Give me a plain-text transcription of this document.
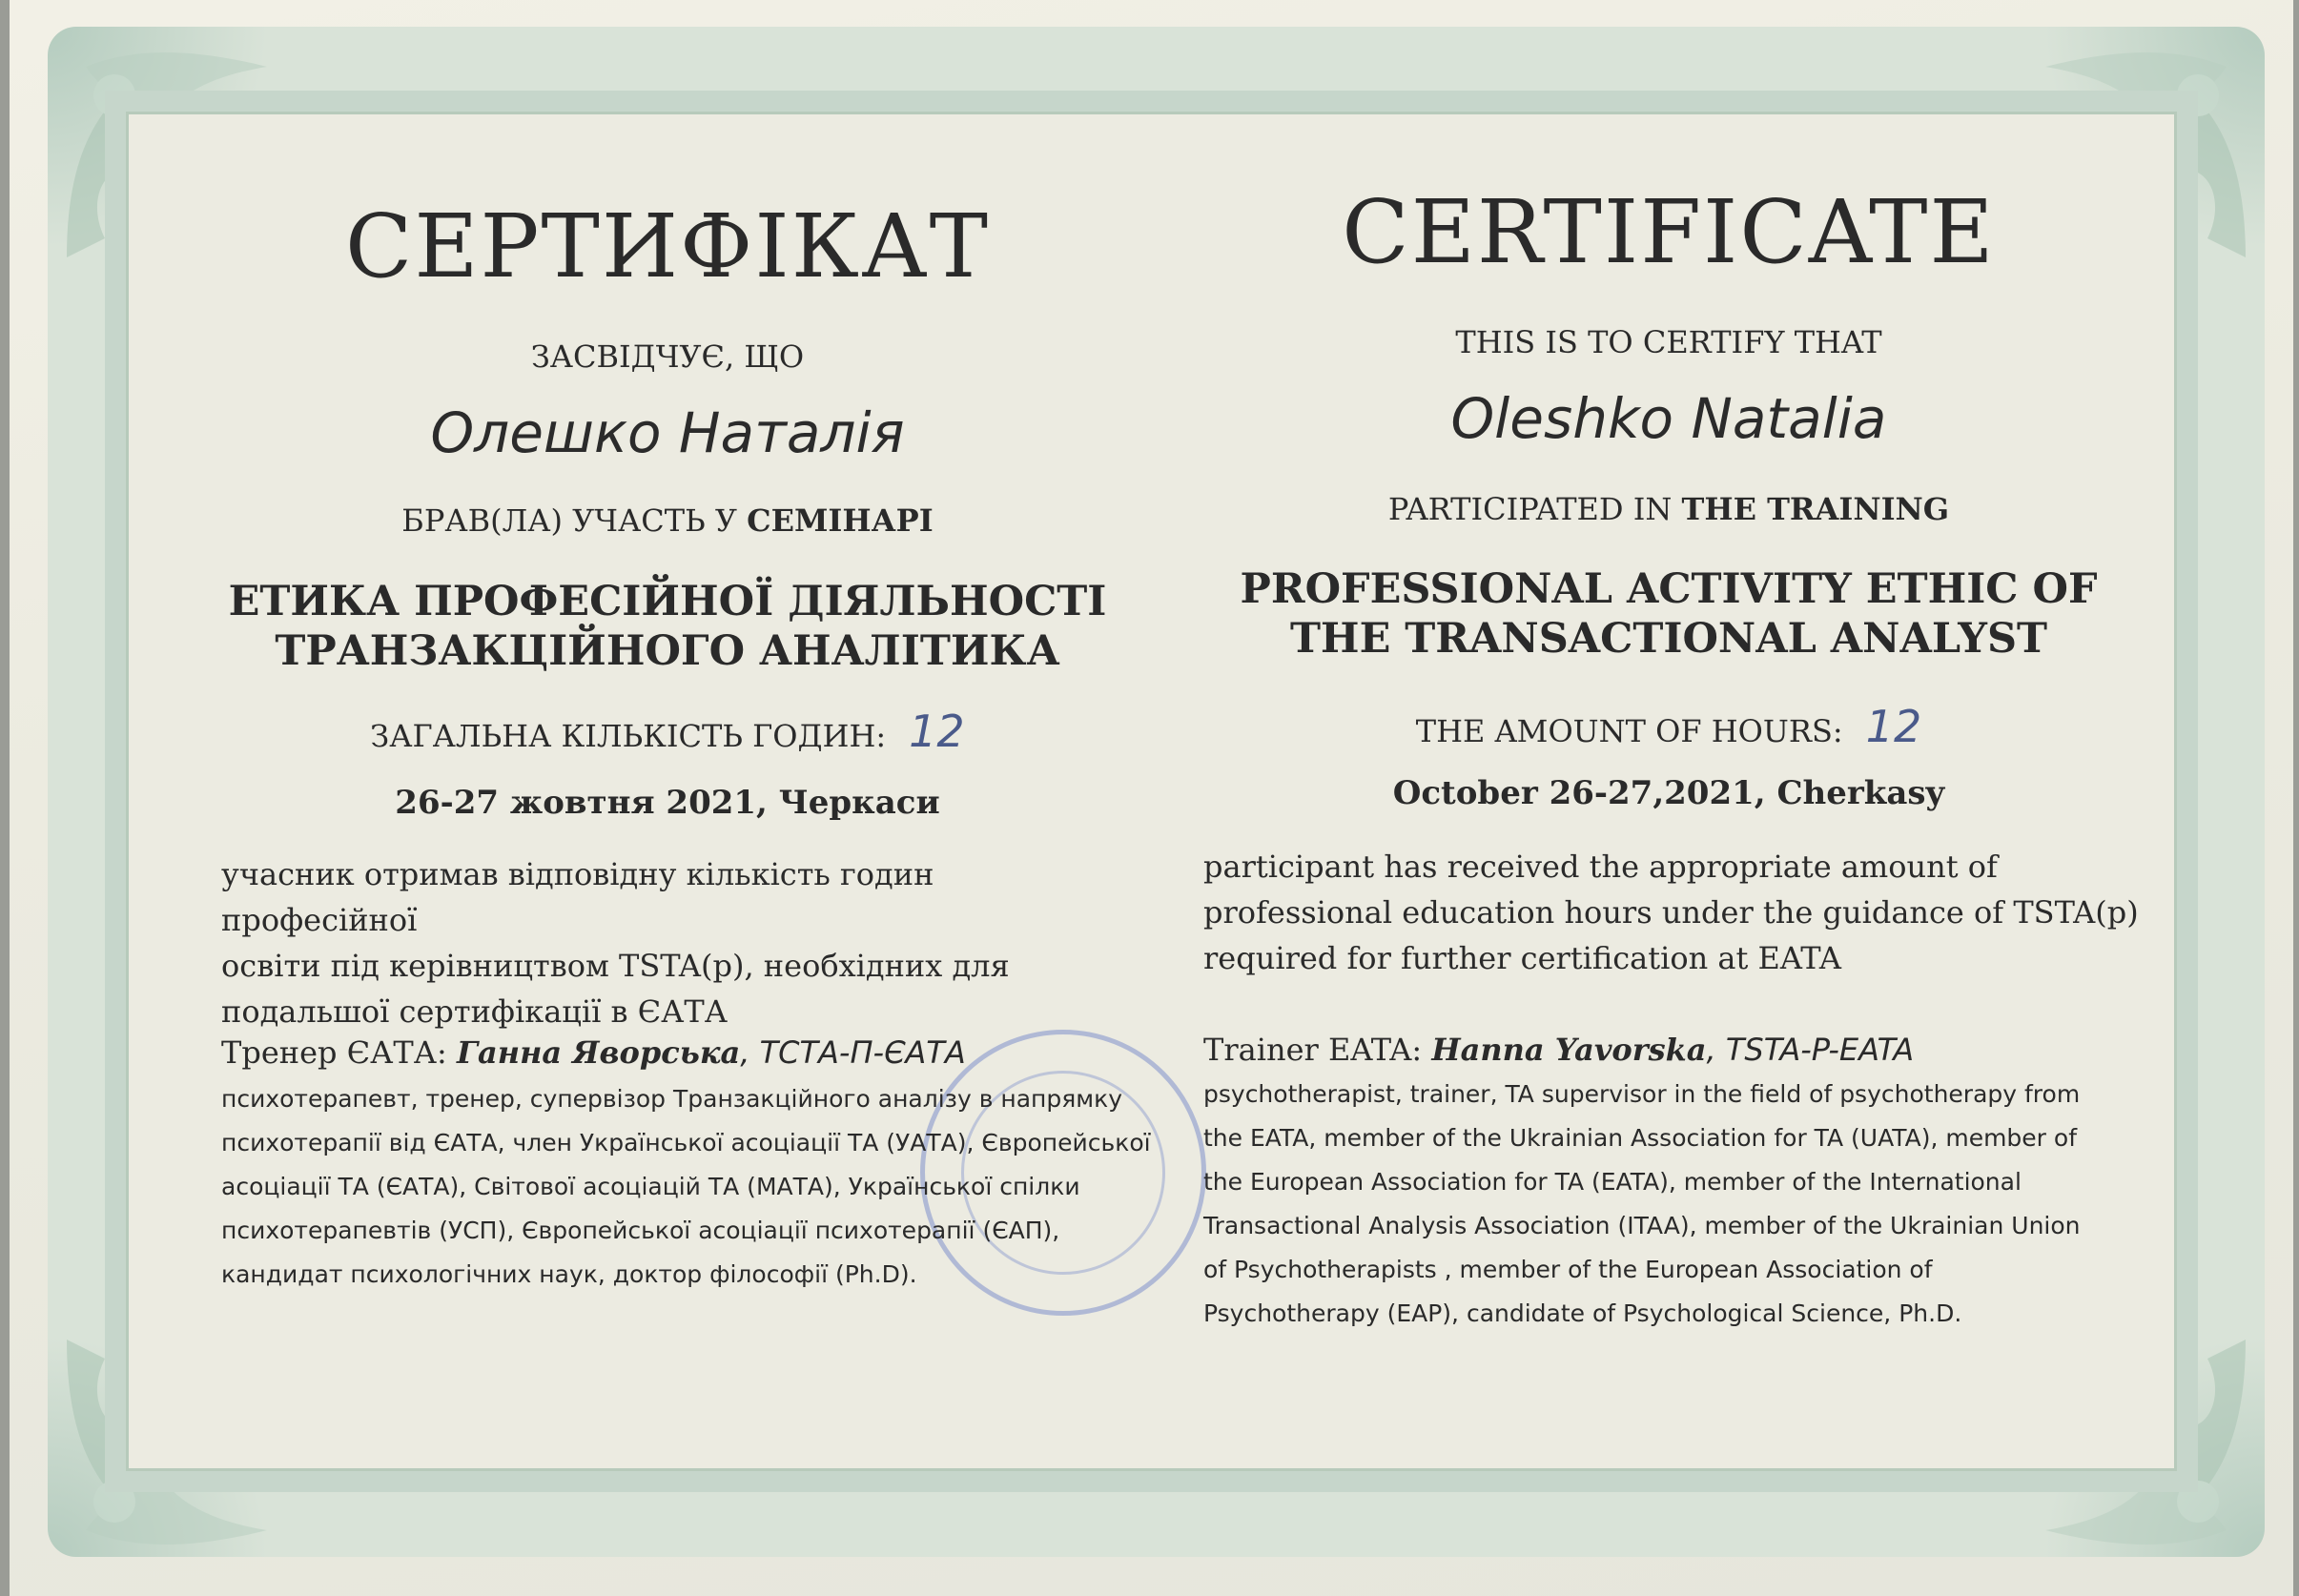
СЕРТИФІКАТ
ЗАСВІДЧУЄ, ЩО
Олешко Наталія
БРАВ(ЛА) УЧАСТЬ У СЕМІНАРІ
ЕТИКА ПРОФЕСІЙНОЇ ДІЯЛЬНОСТІ
ТРАНЗАКЦІЙНОГО АНАЛІТИКА
ЗАГАЛЬНА КІЛЬКІСТЬ ГОДИН: 12
26-27 жовтня 2021, Черкаси
учасник отримав відповідну кількість годин професійної
освіти під керівництвом TSTA(p), необхідних для
подальшої сертифікації в ЄАТА
Тренер ЄАТА: Ганна Яворська, ТСТА-П-ЄАТА
психотерапевт, тренер, супервізор Транзакційного аналізу в напрямку
психотерапії від ЄАТА, член Української асоціації ТА (УАТА), Європейської
асоціації ТА (ЄАТА), Світової асоціацій ТА (МАТА), Української спілки
психотерапевтів (УСП), Європейської асоціації психотерапії (ЄАП),
кандидат психологічних наук, доктор філософії (Ph.D).
CERTIFICATE
THIS IS TO CERTIFY THAT
Oleshko Natalia
PARTICIPATED IN THE TRAINING
PROFESSIONAL ACTIVITY ETHIC OF
THE TRANSACTIONAL ANALYST
THE AMOUNT OF HOURS: 12
October 26-27,2021, Cherkasy
participant has received the appropriate amount of
professional education hours under the guidance of TSTA(p)
required for further certification at EATA
Trainer EATA: Hanna Yavorska, TSTA-P-EATA
psychotherapist, trainer, TA supervisor in the field of psychotherapy from
the EATA, member of the Ukrainian Association for TA (UATA), member of
the European Association for TA (EATA), member of the International
Transactional Analysis Association (ITAA), member of the Ukrainian Union
of Psychotherapists , member of the European Association of
Psychotherapy (EAP), candidate of Psychological Science, Ph.D.
